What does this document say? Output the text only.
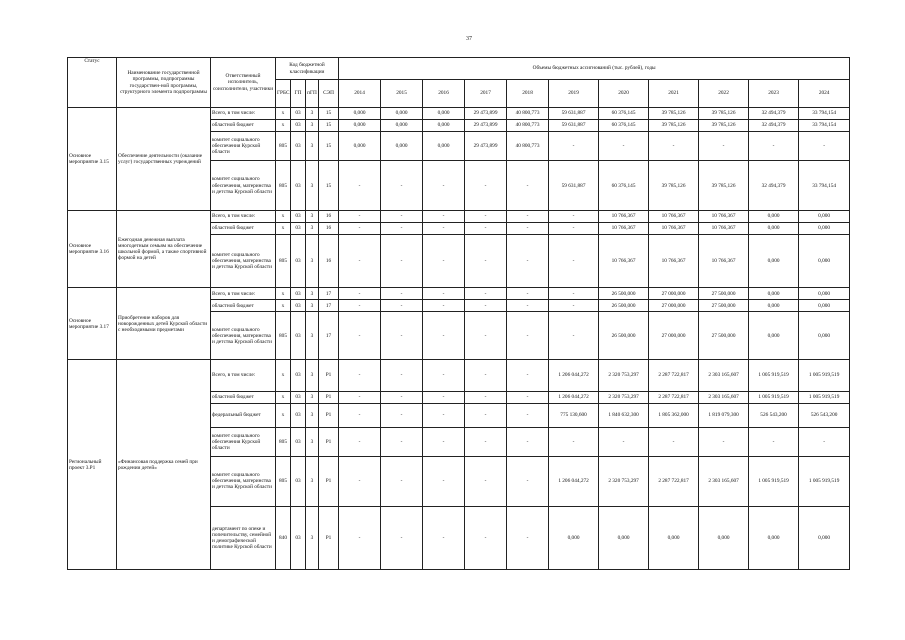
37
Статус	Наименование государственной программы, подпрограммы государствен-ной программы, структурного элемента подпрограммы	Ответственный исполнитель, соисполнители, участники	Код бюджетной классификации				Объемы бюджетных ассигнований (тыс. рублей), годы										
			ГРБС	ГП	пГП	СЭП	2014	2015	2016	2017	2018	2019	2020	2021	2022	2023	2024
Основное мероприятие 3.15	Обеспечение деятельности (оказание услуг) государственных учреждений	Всего, в том числе:	х	03	3	15	0,000	0,000	0,000	29 473,899	40 800,773	59 631,887	60 376,145	39 785,126	39 785,126	32 494,379	33 794,154
		областной бюджет	х	03	3	15	0,000	0,000	0,000	29 473,899	40 800,773	59 631,887	60 376,145	39 785,126	39 785,126	32 494,379	33 794,154
		комитет социального обеспечения Курской области	805	03	3	15	0,000	0,000	0,000	29 473,899	40 800,773	-	-	-	-	-	-
		комитет социального обеспечения, материнства и детства Курской области	805	03	3	15	-	-	-	-	-	59 631,887	60 376,145	39 785,126	39 785,126	32 494,379	33 794,154
Основное мероприятие 3.16	Ежегодная денежная выплата многодетным семьям на обеспечение школьной формой, а также спортивной формой на детей	Всего, в том числе:	х	03	3	16	-	-	-	-	-	-	10 766,367	10 766,367	10 766,367	0,000	0,000
		областной бюджет	х	03	3	16	-	-	-	-	-	-	10 766,367	10 766,367	10 766,367	0,000	0,000
		комитет социального обеспечения, материнства и детства Курской области	805	03	3	16	-	-	-	-	-	-	10 766,367	10 766,367	10 766,367	0,000	0,000
Основное мероприятие 3.17	Приобретение наборов для новорожденных детей Курской области с необходимыми предметами	Всего, в том числе:	х	03	3	17	-	-	-	-	-	-	26 500,000	27 000,000	27 500,000	0,000	0,000
		областной бюджет	х	03	3	17	-	-	-	-	-	-	26 500,000	27 000,000	27 500,000	0,000	0,000
		комитет социального обеспечения, материнства и детства Курской области	805	03	3	17	-	-	-	-	-	-	26 500,000	27 000,000	27 500,000	0,000	0,000
Региональный проект 3.Р1	«Финансовая поддержка семей при рождении детей»	Всего, в том числе:	х	03	3	Р1	-	-	-	-	-	1 206 044,272	2 320 753,297	2 287 722,817	2 303 165,607	1 005 919,519	1 005 919,519
		областной бюджет	х	03	3	Р1	-	-	-	-	-	1 206 044,272	2 320 753,297	2 287 722,817	2 303 165,607	1 005 919,519	1 005 919,519
		федеральный бюджет	х	03	3	Р1	-	-	-	-	-	775 130,600	1 840 632,300	1 805 362,000	1 819 079,300	526 543,200	526 543,200
		комитет социального обеспечения Курской области	805	03	3	Р1	-	-	-	-	-	-	-	-	-	-	-
		комитет социального обеспечения, материнства и детства Курской области	805	03	3	Р1	-	-	-	-	-	1 206 044,272	2 320 753,297	2 287 722,817	2 303 165,607	1 005 919,519	1 005 919,519
		департамент по опеке и попечительству, семейной и демографической политике Курской области	840	03	3	Р1	-	-	-	-	-	0,000	0,000	0,000	0,000	0,000	0,000
